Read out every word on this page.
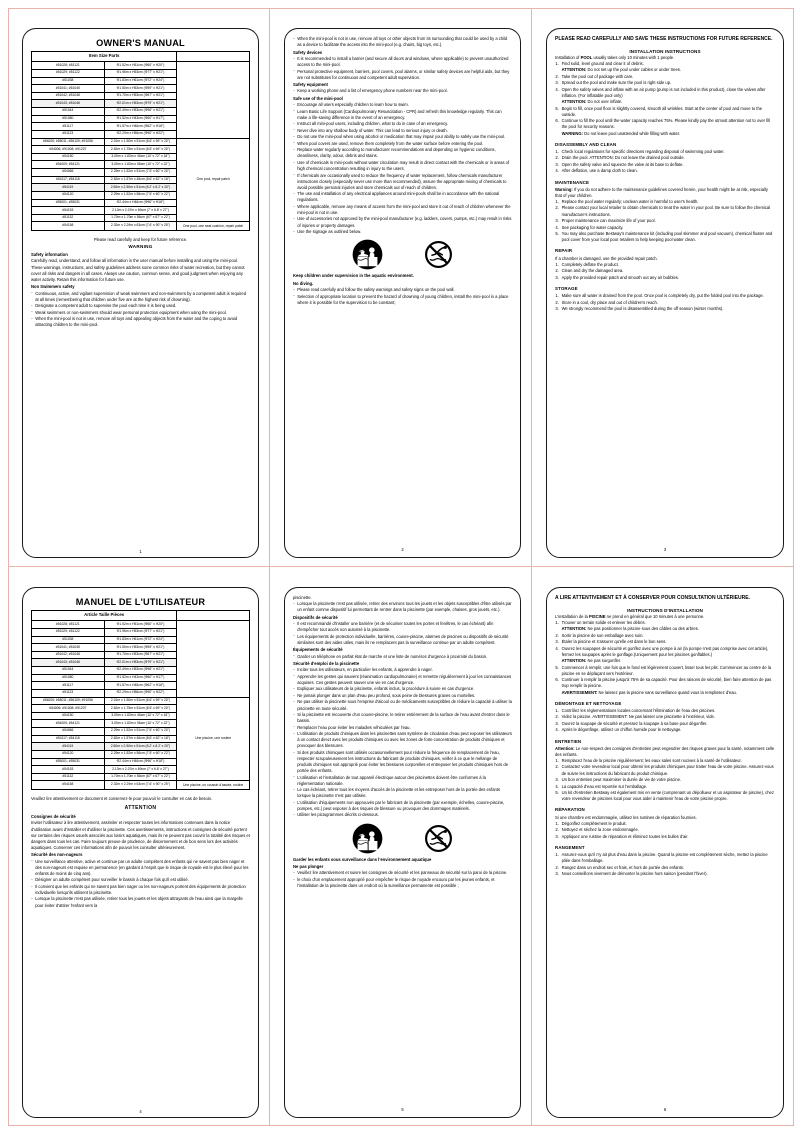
OWNER'S MANUAL
Item Size Parts		
#51028; #51121	Φ1.52m x H51cm (Φ60" x H20")	
#51029; #51122	Φ1.96m x H53cm (Φ77" x H21")	
#51038	Φ1.83m x H61cm (Φ72" x H24")	
#51041; #51045	Φ1.50m x H53cm (Φ59" x H21")	
#51042; #51048	Φ1.70m x H53cm (Φ67" x H21")	
#51043; #51046	Φ2.01m x H53cm (Φ79" x H21")	
#51044	Φ2.49m x H53cm (Φ98" x H21")	
#51080	Φ1.52m x H43cm (Φ60" x H17")	
#51117	Φ1.57m x H46cm (Φ62" x H18")	
#51123	Φ2.29m x H56cm (Φ90" x H22")	
#54005; #58011; #56109; #91056	2.01m x 1.50m x 51cm (6.6' x 59" x 20")	One pool, repair patch
#54006; #91008; #91207	2.62m x 1.75m x 51cm (8.5' x 69" x 20")	
#54150	3.05m x 1.83m x 46cm (10' x 72" x 18")	
#54009; #54121	3.05m x 1.83m x 56cm (10' x 72" x 22")	
#54066	2.29m x 1.52m x 51cm (7.5' x 60" x 20")	
#54117; #54118	2.62m x 1.57m x 46cm (8.6' x 62" x 18")	
#54119	2.50m x 2.50m x 51cm (8.2' x 8.2' x 20")	
#54120	2.29m x 1.52m x 56cm (7.5' x 60" x 22")	
#55001; #55031	Φ2.44m x H46cm (Φ96" x H18")	
#54153	2.13m x 2.07m x 69cm (7' x 6.8' x 27")	
#51132	1.70m x 1.70m x 56cm (67" x 67" x 22")	
#54158	2.32m x 2.29m x 63cm (7.6' x 90" x 25")	One pool, one seat cushion, repair patch
Please read carefully and keep for future reference.
WARNING
Safety information

Carefully read, understand, and follow all information in the user manual before installing and using the mini-pool. These warnings, instructions, and safety guidelines address some common risks of water recreation, but they cannot cover all risks and dangers in all cases. Always use caution, common sense, and good judgment when enjoying any water activity. Retain this information for future use.

Non Swimmers safety
· Continuous, active, and vigilant supervision of weak swimmers and non-swimmers by a competent adult is required at all times (remembering that children under five are at the highest risk of drowning).
· Designate a competent adult to supervise the pool each time it is being used.
· Weak swimmers or non-swimmers should wear personal protection equipment when using the mini-pool.
· When the mini-pool is not in use, remove all toys and appealing objects from the water and the coping to avoid attracting children to the mini-pool.
1
· When the mini-pool is not in use, remove all toys or other objects from its surrounding that could be used by a child as a device to facilitate the access into the mini-pool (e.g. chairs, big toys, etc.).
Safety devices
· It is recommended to install a barrier (and secure all doors and windows, where applicable) to prevent unauthorized access to the mini-pool.
· Personal protective equipment, barriers, pool covers, pool alarms, or similar safety devices are helpful aids, but they are not substitutes for continuous and competent adult supervision.
Safety equipment
· Keep a working phone and a list of emergency phone numbers near the mini-pool.
Safe use of the mini-pool
· Encourage all users especially children to learn how to swim.
· Learn Basic Life Support (Cardiopulmonary Resuscitation - CPR) and refresh this knowledge regularly. This can make a life-saving difference in the event of an emergency.
· Instruct all mini-pool users, including children, what to do in case of an emergency.
· Never dive into any shallow body of water. This can lead to serious injury or death.
· Do not use the mini-pool when using alcohol or medication that may impair your ability to safely use the mini-pool.
· When pool covers are used, remove them completely from the water surface before entering the pool.
· Replace water regularly according to manufacturer recommendations and depending on hygienic conditions, cleanliness, clarity, odour, debris and stains.
· Use of chemicals in mini-pools without water circulation may result in direct contact with the chemicals or in areas of high chemical concentration resulting in injury to the users.
· If chemicals are occasionally used to reduce the frequency of water replacement, follow chemicals manufacturer instructions closely (especially never use more than recommended), assure the appropriate mixing of chemicals to avoid possible personal injuries and store chemicals out of reach of children.
· The use and installation of any electrical appliances around mini-pools shall be in accordance with the national regulations.
· Where applicable, remove any means of access from the mini-pool and store it out of reach of children whenever the mini-pool is not in use.
· Use of accessories not approved by the mini-pool manufacturer (e.g. ladders, covers, pumps, etc.) may result in risks of injuries or property damages.
· Use the signage as outlined below.
Keep children under supervision in the aquatic environment.
No diving.
· Please read carefully and follow the safety warnings and safety signs on the pool wall.
· Selection of appropriate location to prevent the hazard of drowning of young children, install the mini-pool in a place where it is possible for the supervision to be constant;
2
PLEASE READ CAREFULLY AND SAVE THESE INSTRUCTIONS FOR FUTURE REFERENCE.
INSTALLATION INSTRUCTIONS

Installation of POOL usually takes only 10 minutes with 1 people.

Find solid, level ground and clear it of debris.
ATTENTION: Do not set up the pool under cables or under trees.
Take the pool out of package with care.
Spread out the pool and make sure the pool is right side up.
Open the safety valves and inflate with an air pump (pump is not included in this product), close the valves after inflation. (For inflatable pool only)
ATTENTION: Do not over inflate.
Begin to fill, once pool floor is slightly covered, smooth all wrinkles. Start at the center of pool and move to the outside.
Continue to fill the pool until the water capacity reaches 75%. Please kindly pay the utmost attention not to over fill the pool for security reasons.
WARNING: Do not leave pool unattended while filling with water.
DISASSEMBLY AND CLEAN
Check local regulations for specific directions regarding disposal of swimming pool water.
Drain the pool. ATTENTION: Do not leave the drained pool outside.
Open the safety valve and squeeze the valve at its base to deflate.
After deflation, use a damp cloth to clean.
MAINTENANCE

Warning: If you do not adhere to the maintenance guidelines covered herein, your health might be at risk, especially that of your children.

Replace the pool water regularly; unclean water is harmful to user's health.
Please contact your local retailer to obtain chemicals to treat the water in your pool. Be sure to follow the chemical manufacture's instructions.
Proper maintenance can maximize life of your pool.
See packaging for water capacity.
You may also purchase Bestway's maintenance kit (including pool skimmer and pool vacuum), chemical floater and pool cover from your local poor retailers to help keeping pool water clean.
REPAIR

If a chamber is damaged, use the provided repair patch.

Completely deflate the product.
Clean and dry the damaged area.
Apply the provided repair patch and smooth out any air bubbles.
STORAGE
Make sure all water is drained from the pool. Once pool is completely dry, put the folded pool into the package.
Store in a cool, dry place and out of children's reach.
We strongly recommend the pool is disassembled during the off season (winter months).
3
MANUEL DE L'UTILISATEUR
Article Taille Pièces		
#51028; #51121	Φ1.52m x H51cm (Φ60" x H20")	
#51029; #51122	Φ1.96m x H53cm (Φ77" x H21")	
#51038	Φ1.83m x H61cm (Φ72" x H24")	
#51041; #51045	Φ1.50m x H53cm (Φ59" x H21")	
#51042; #51048	Φ1.70m x H53cm (Φ67" x H21")	
#51043; #51046	Φ2.01m x H53cm (Φ79" x H21")	
#51044	Φ2.49m x H53cm (Φ98" x H21")	
#51080	Φ1.52m x H43cm (Φ60" x H17")	
#51117	Φ1.57m x H46cm (Φ62" x H18")	
#51123	Φ2.29m x H56cm (Φ90" x H22")	
#54005; #58011; #56109; #91056	2.01m x 1.50m x 51cm (6.6' x 59" x 20")	Une piscine, une rustine
#54006; #91008; #91207	2.62m x 1.75m x 51cm (8.5' x 69" x 20")	
#54150	3.05m x 1.83m x 46cm (10' x 72" x 18")	
#54009; #54121	3.05m x 1.83m x 56cm (10' x 72" x 22")	
#54066	2.29m x 1.52m x 51cm (7.5' x 60" x 20")	
#54117; #54118	2.62m x 1.57m x 46cm (8.6' x 62" x 18")	
#54119	2.50m x 2.50m x 51cm (8.2' x 8.2' x 20")	
#54120	2.29m x 1.52m x 56cm (7.5' x 60" x 22")	
#55001; #55031	Φ2.44m x H46cm (Φ96" x H18")	
#54153	2.13m x 2.07m x 69cm (7' x 6.8' x 27")	
#51132	1.70m x 1.70m x 56cm (67" x 67" x 22")	
#54158	2.32m x 2.29m x 63cm (7.6' x 90" x 25")	Une piscine, un coussin d'assise, rustine
Veuillez lire attentivement ce document et conservez-le pour pouvoir le consulter en cas de besoin.
ATTENTION
Consignes de sécurité

Inviter l'utilisateur à lire attentivement, assimiler et respecter toutes les informations contenues dans la notice d'utilisation avant d'installer et d'utiliser la piscinette. Ces avertissements, instructions et consignes de sécurité portent sur certains des risques usuels associés aux loisirs aquatiques, mais ils ne peuvent pas couvrir la totalité des risques et dangers dans tous les cas. Faire toujours preuve de prudence, de discernement et de bon sens lors des activités aquatiques. Conserver ces informations afin de pouvoir les consulter ultérieurement.

Sécurité des non-nageurs
· Une surveillance attentive, active et continue par un adulte compétent des enfants qui ne savent pas bien nager et des non-nageurs est requise en permanence (en gardant à l'esprit que le risque de noyade est le plus élevé pour les enfants de moins de cinq ans).
· Désigner un adulte compétent pour surveiller le bassin à chaque fois qu'il est utilisé.
· Il convient que les enfants qui ne savent pas bien nager ou les non-nageurs portent des équipements de protection individuelle lorsqu'ils utilisent la piscinette.
· Lorsque la piscinette n'est pas utilisée, retirer tous les jouets et les objets attrayants de l'eau ainsi que la margelle pour éviter d'attirer l'enfant vers la
4

piscinette.

· Lorsque la piscinette n'est pas utilisée, retirer des environs tous les jouets et les objets susceptibles d'être utilisés par un enfant comme dispositif lui permettant de rentrer dans la piscinette (par exemple, chaises, gros jouets, etc.).
Dispositifs de sécurité
· Il est recommandé d'installer une barrière (et de sécuriser toutes les portes et fenêtres, le cas échéant) afin d'empêcher tout accès non autorisé à la piscinette.
· Les équipements de protection individuelle, barrières, couvre-piscine, alarmes de piscines ou dispositifs de sécurité similaires sont des aides utiles, mais ils ne remplacent pas la surveillance continue par un adulte compétent.
Équipements de sécurité
· Garder un téléphone en parfait état de marche et une liste de numéros d'urgence à proximité du bassin.
Sécurité d'emploi de la piscinette
· Inciter tous les utilisateurs, en particulier les enfants, à apprendre à nager.
· Apprendre les gestes qui sauvent (réanimation cardiopulmonaire) et remettre régulièrement à jour les connaissances acquises. Ces gestes peuvent sauver une vie en cas d'urgence.
· Expliquer aux utilisateurs de la piscinette, enfants inclus, la procédure à suivre en cas d'urgence.
· Ne jamais plonger dans un plan d'eau peu profond, sous peine de blessures graves ou mortelles.
· Ne pas utiliser la piscinette sous l'emprise d'alcool ou de médicaments susceptibles de réduire la capacité à utiliser la piscinette en toute sécurité.
· Si la piscinette est recouverte d'un couvre-piscine, le retirer entièrement de la surface de l'eau avant d'entrer dans le bassin.
· Remplacer l'eau pour éviter les maladies véhiculées par l'eau.
· L'utilisation de produits chimiques dans les piscinettes sans système de circulation d'eau peut exposer les utilisateurs à un contact direct avec les produits chimiques ou avec les zones de forte concentration de produits chimiques et provoquer des blessures.
· Si des produits chimiques sont utilisés occasionnellement pour réduire la fréquence de remplacement de l'eau, respecter scrupuleusement les instructions du fabricant de produits chimiques, veiller à ce que le mélange de produits chimiques soit approprié pour éviter les blessures corporelles et entreposer les produits chimiques hors de portée des enfants.
· L'utilisation et l'installation de tout appareil électrique autour des piscinettes doivent être conformes à la réglementation nationale.
· Le cas échéant, retirer tous les moyens d'accès de la piscinette et les entreposer hors de la portée des enfants lorsque la piscinette n'est pas utilisée.
· L'utilisation d'équipements non approuvés par le fabricant de la piscinette (par exemple, échelles, couvre-piscine, pompes, etc.) peut exposer à des risques de blessure ou provoquer des dommages matériels.
· Utiliser les pictogrammes décrits ci-dessous.
Garder les enfants sous surveillance dans l'environnement aquatique
Ne pas plonger
· Veuillez lire attentivement et suivre les consignes de sécurité et les panneaux de sécurité sur la paroi de la piscine.
· le choix d'un emplacement approprié pour empêcher le risque de noyade encouru par les jeunes enfants, et l'installation de la piscinette dans un endroit où la surveillance permanente est possible ;
5
A LIRE ATTENTIVEMENT ET À CONSERVER POUR CONSULTATION ULTÉRIEURE.
INSTRUCTIONS D'INSTALLATION

L'installation de la PISCINE ne prend en général que 10 minutes à une personne.

Trouver un terrain solide et enlever les débris.
ATTENTION: Ne pas positionner la piscine sous des câbles ou des arbres.
Sortir la piscine de son emballage avec soin.
Étaler la piscine et s'assurer qu'elle est dans le bon sens.
Ouvrez les soupapes de sécurité et gonflez avec une pompe à air (la pompe n'est pas comprise avec cet article), fermez les soupapes après le gonflage.(Uniquement pour les piscines gonflables.)
ATTENTION: Ne pas surgonfler.
Commencer à remplir, une fois que le fond est légèrement couvert, lisser tous les plis. Commencer au centre de la piscine en se déplaçant vers l'extérieur.
Continuer à remplir la piscine jusqu'à 75% de sa capacité. Pour des raisons de sécurité, bien faire attention de pas trop remplir la piscine.
AVERTISSEMENT: Ne laissez pas la piscine sans surveillance quand vous la remplissez d'eau.
DÉMONTAGE ET NETTOYAGE
Contrôlez les réglementations locales concernant l'élimination de l'eau des piscines.
Videz la piscine. AVERTISSEMENT: Ne pas laisser une piscinette à l'extérieur, vide.
Ouvrez la soupape de sécurité et pressez la soupape à sa base pour dégonfler.
Après le dégonflage, utilisez un chiffon humide pour le nettoyage.
ENTRETIEN

Attention: Le non-respect des consignes d'entretien peut engendrer des risques graves pour la santé, notamment celle des enfants.

Remplacez l'eau de la piscine régulièrement; les eaux sales sont nocives à la santé de l'utilisateur.
Contactez votre revendeur local pour obtenir les produits chimiques pour traiter l'eau de votre piscine. Assurez-vous de suivre les instructions du fabricant du produit chimique.
Un bon entretien peut maximiser la durée de vie de votre piscine.
La capacité d'eau est reportée sur l'emballage.
Un kit d'entretien Bestway est également mis en vente (comprenant un dépollueur et un aspirateur de piscine), chez votre revendeur de piscines local pour vous aider à maintenir l'eau de votre piscine propre.
RÉPARATION

Si une chambre est endommagée, utilisez les rustines de réparation fournies.

Dégonflez complètement le produit.
Nettoyez et séchez la zone endommagée.
Appliquez une rustine de réparation et éliminez toutes les bulles d'air.
RANGEMENT
Assurez-vous qu'il n'y ait plus d'eau dans la piscine. Quand la piscine est complètement sèche, mettez la piscine pliée dans l'emballage.
Rangez dans un endroit sec et frais, et hors de portée des enfants.
Nous conseillons vivement de démonter la piscine hors saison (pendant l'hiver).
6
